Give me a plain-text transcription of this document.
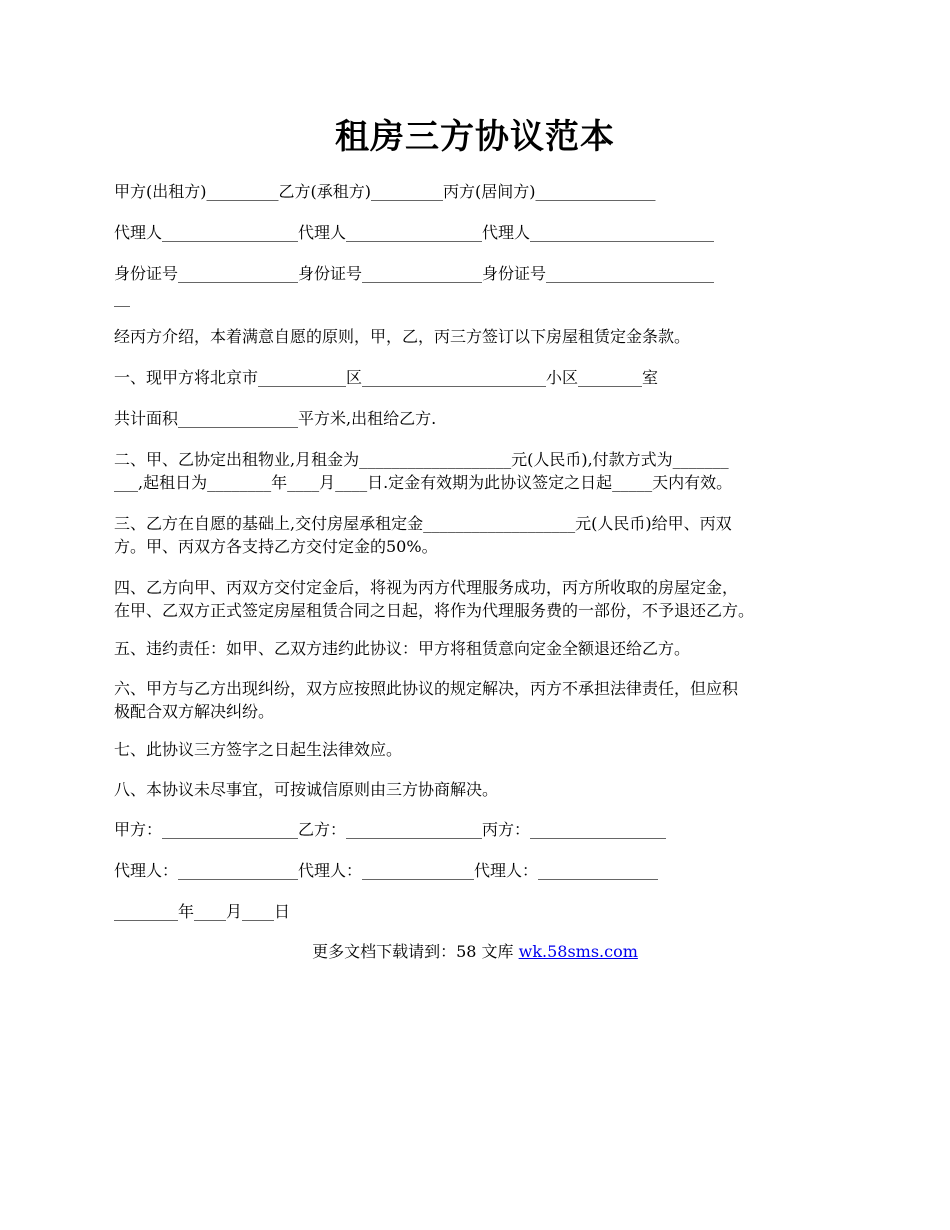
租房三方协议范本

甲方(出租方)_________乙方(承租方)_________丙方(居间方)_______________

代理人_________________代理人_________________代理人_______________________

身份证号_______________身份证号_______________身份证号_____________________

__

经丙方介绍，本着满意自愿的原则，甲，乙，丙三方签订以下房屋租赁定金条款。

一、现甲方将北京市___________区_______________________小区________室

共计面积_______________平方米,出租给乙方.

二、甲、乙协定出租物业,月租金为___________________元(人民币),付款方式为_______

___,起租日为________年____月____日.定金有效期为此协议签定之日起_____天内有效。

三、乙方在自愿的基础上,交付房屋承租定金___________________元(人民币)给甲、丙双

方。甲、丙双方各支持乙方交付定金的50%。

四、乙方向甲、丙双方交付定金后，将视为丙方代理服务成功，丙方所收取的房屋定金，

在甲、乙双方正式签定房屋租赁合同之日起，将作为代理服务费的一部份，不予退还乙方。

五、违约责任：如甲、乙双方违约此协议：甲方将租赁意向定金全额退还给乙方。

六、甲方与乙方出现纠纷，双方应按照此协议的规定解决，丙方不承担法律责任，但应积

极配合双方解决纠纷。

七、此协议三方签字之日起生法律效应。

八、本协议未尽事宜，可按诚信原则由三方协商解决。

甲方：_________________乙方：_________________丙方：_________________

代理人：_______________代理人：______________代理人：_______________

________年____月____日

更多文档下载请到：58 文库 wk.58sms.com
